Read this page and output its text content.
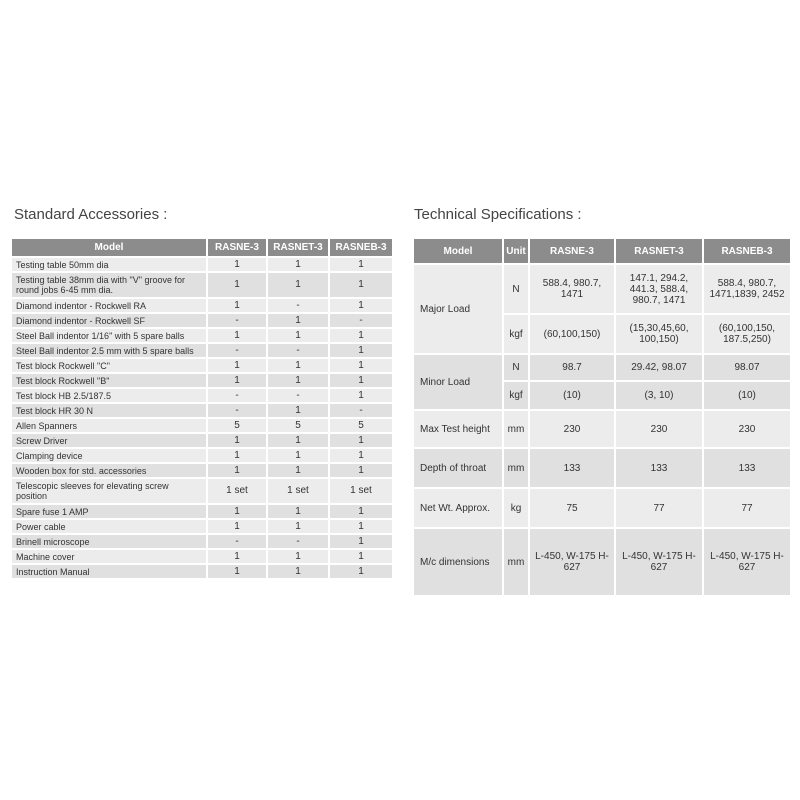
Standard Accessories :
Model	RASNE-3	RASNET-3	RASNEB-3
Testing table 50mm dia	1	1	1
Testing table 38mm dia with "V" groove for round jobs 6-45 mm dia.	1	1	1
Diamond indentor - Rockwell RA	1	-	1
Diamond indentor - Rockwell SF	-	1	-
Steel Ball indentor 1/16" with 5 spare balls	1	1	1
Steel Ball indentor 2.5 mm with 5 spare balls	-	-	1
Test block Rockwell "C"	1	1	1
Test block Rockwell "B"	1	1	1
Test block HB 2.5/187.5	-	-	1
Test block HR 30 N	-	1	-
Allen Spanners	5	5	5
Screw Driver	1	1	1
Clamping device	1	1	1
Wooden box for std. accessories	1	1	1
Telescopic sleeves for elevating screw position	1 set	1 set	1 set
Spare fuse 1 AMP	1	1	1
Power cable	1	1	1
Brinell microscope	-	-	1
Machine cover	1	1	1
Instruction Manual	1	1	1
Technical Specifications :
Model	Unit	RASNE-3	RASNET-3	RASNEB-3
Major Load	N	588.4, 980.7, 1471	147.1, 294.2, 441.3, 588.4, 980.7, 1471	588.4, 980.7, 1471,1839, 2452
	kgf	(60,100,150)	(15,30,45,60, 100,150)	(60,100,150, 187.5,250)
Minor Load	N	98.7	29.42, 98.07	98.07
	kgf	(10)	(3, 10)	(10)
Max Test height	mm	230	230	230
Depth of throat	mm	133	133	133
Net Wt. Approx.	kg	75	77	77
M/c dimensions	mm	L-450, W-175 H-627	L-450, W-175 H-627	L-450, W-175 H-627
